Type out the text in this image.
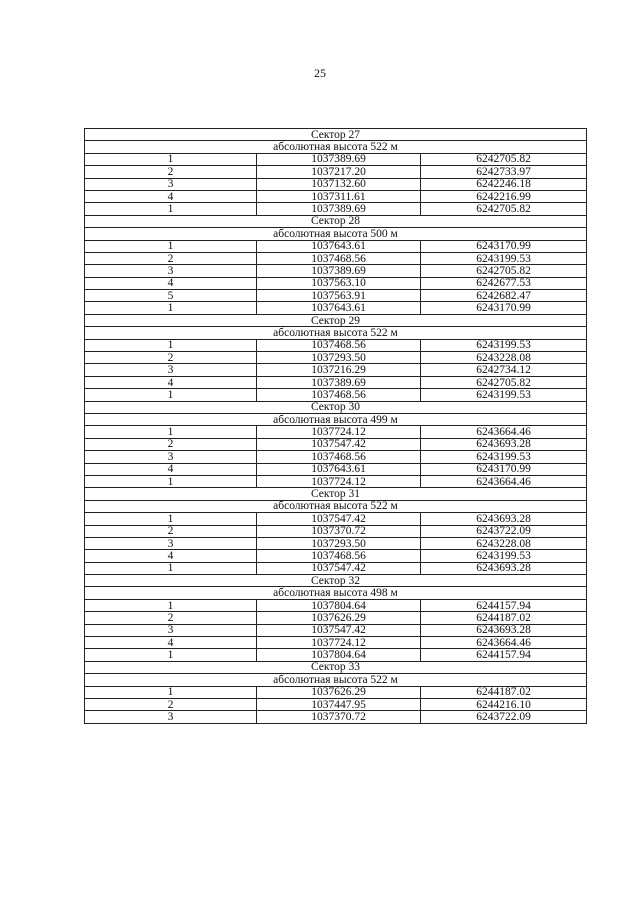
25
Сектор 27		
абсолютная высота 522 м		
1	1037389.69	6242705.82
2	1037217.20	6242733.97
3	1037132.60	6242246.18
4	1037311.61	6242216.99
1	1037389.69	6242705.82
Сектор 28		
абсолютная высота 500 м		
1	1037643.61	6243170.99
2	1037468.56	6243199.53
3	1037389.69	6242705.82
4	1037563.10	6242677.53
5	1037563.91	6242682.47
1	1037643.61	6243170.99
Сектор 29		
абсолютная высота 522 м		
1	1037468.56	6243199.53
2	1037293.50	6243228.08
3	1037216.29	6242734.12
4	1037389.69	6242705.82
1	1037468.56	6243199.53
Сектор 30		
абсолютная высота 499 м		
1	1037724.12	6243664.46
2	1037547.42	6243693.28
3	1037468.56	6243199.53
4	1037643.61	6243170.99
1	1037724.12	6243664.46
Сектор 31		
абсолютная высота 522 м		
1	1037547.42	6243693.28
2	1037370.72	6243722.09
3	1037293.50	6243228.08
4	1037468.56	6243199.53
1	1037547.42	6243693.28
Сектор 32		
абсолютная высота 498 м		
1	1037804.64	6244157.94
2	1037626.29	6244187.02
3	1037547.42	6243693.28
4	1037724.12	6243664.46
1	1037804.64	6244157.94
Сектор 33		
абсолютная высота 522 м		
1	1037626.29	6244187.02
2	1037447.95	6244216.10
3	1037370.72	6243722.09
